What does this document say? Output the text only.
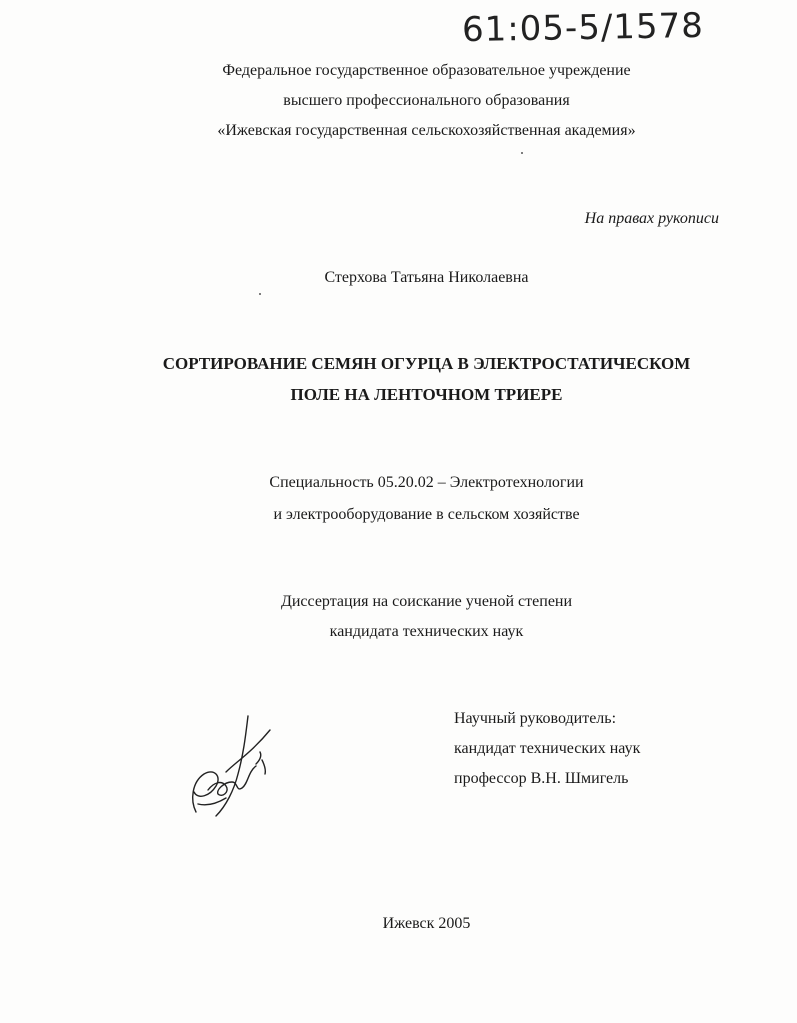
61:05-5/1578
Федеральное государственное образовательное учреждение
высшего профессионального образования
«Ижевская государственная сельскохозяйственная академия»
На правах рукописи
Стерхова Татьяна Николаевна
СОРТИРОВАНИЕ СЕМЯН ОГУРЦА В ЭЛЕКТРОСТАТИЧЕСКОМ
ПОЛЕ НА ЛЕНТОЧНОМ ТРИЕРЕ
Специальность 05.20.02 – Электротехнологии
и электрооборудование в сельском хозяйстве
Диссертация на соискание ученой степени
кандидата технических наук
Научный руководитель:
кандидат технических наук
профессор В.Н. Шмигель
Ижевск 2005
